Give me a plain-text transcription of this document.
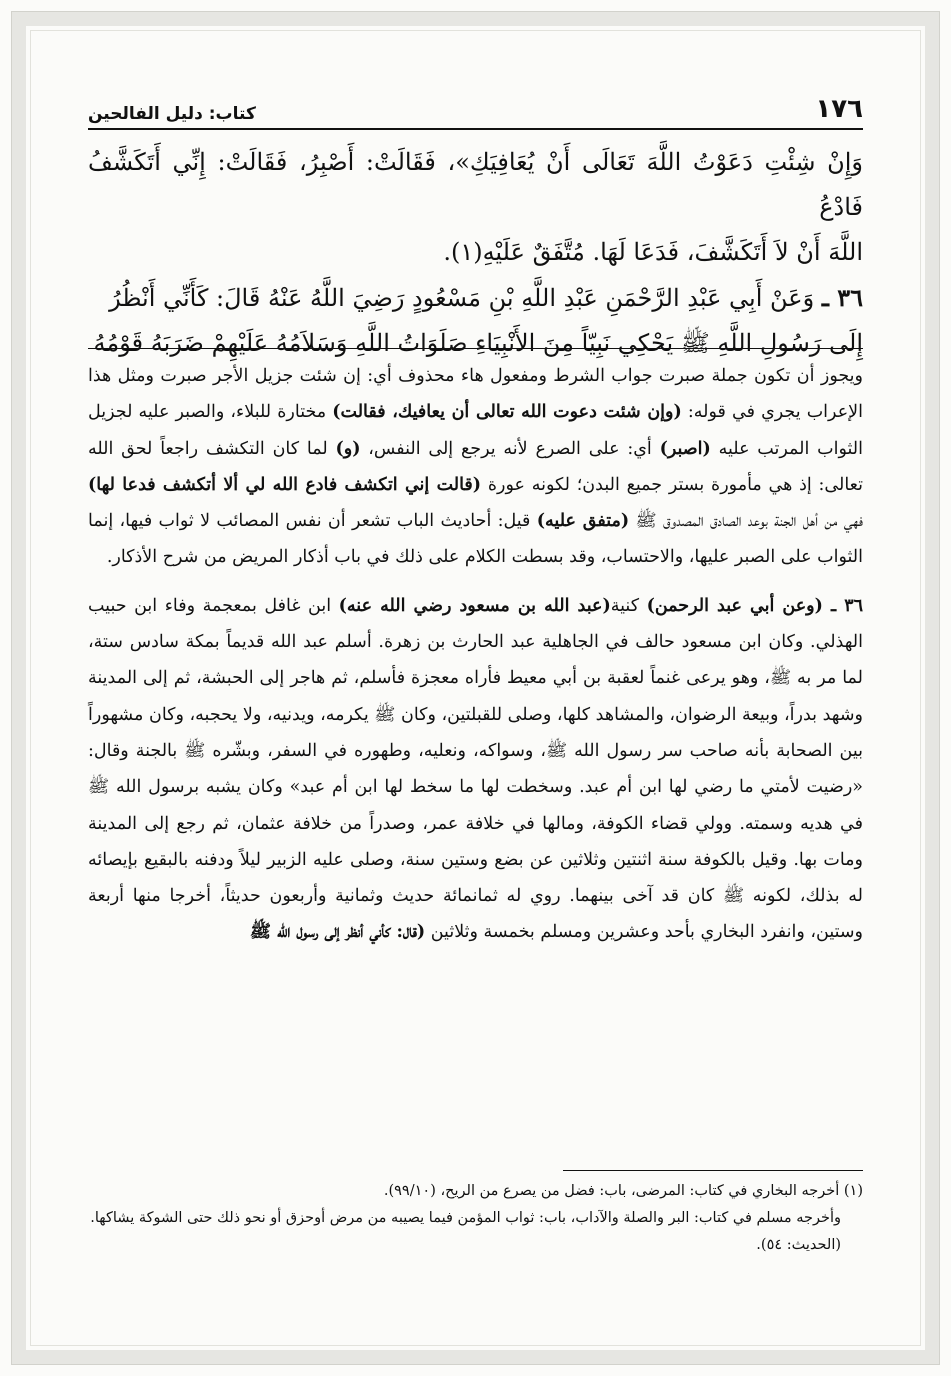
١٧٦
كتاب: دليل الفالحين

وَإِنْ شِئْتِ دَعَوْتُ اللَّهَ تَعَالَى أَنْ يُعَافِيَكِ»، فَقَالَتْ: أَصْبِرُ، فَقَالَتْ: إِنِّي أَتَكَشَّفُ فَادْعُ

اللَّهَ أَنْ لاَ أَتَكَشَّفَ، فَدَعَا لَهَا. مُتَّفَقٌ عَلَيْهِ(١).

٣٦ ـ وَعَنْ أَبِي عَبْدِ الرَّحْمَنِ عَبْدِ اللَّهِ بْنِ مَسْعُودٍ رَضِيَ اللَّهُ عَنْهُ قَالَ: كَأَنِّي أَنْظُرُ

إِلَى رَسُولِ اللَّهِ ﷺ يَحْكِي نَبِيّاً مِنَ الأَنْبِيَاءِ صَلَوَاتُ اللَّهِ وَسَلاَمُهُ عَلَيْهِمْ ضَرَبَهُ قَوْمُهُ

ويجوز أن تكون جملة صبرت جواب الشرط ومفعول هاء محذوف أي: إن شئت جزيل الأجر صبرت ومثل هذا الإعراب يجري في قوله: (وإن شئت دعوت الله تعالى أن يعافيك، فقالت) مختارة للبلاء، والصبر عليه لجزيل الثواب المرتب عليه (اصبر) أي: على الصرع لأنه يرجع إلى النفس، (و) لما كان التكشف راجعاً لحق الله تعالى: إذ هي مأمورة بستر جميع البدن؛ لكونه عورة (قالت إني اتكشف فادع الله لي ألا أتكشف فدعا لها) فهي من أهل الجنة بوعد الصادق المصدوق ﷺ (متفق عليه) قيل: أحاديث الباب تشعر أن نفس المصائب لا ثواب فيها، إنما الثواب على الصبر عليها، والاحتساب، وقد بسطت الكلام على ذلك في باب أذكار المريض من شرح الأذكار.

٣٦ ـ (وعن أبي عبد الرحمن) كنية(عبد الله بن مسعود رضي الله عنه) ابن غافل بمعجمة وفاء ابن حبيب الهذلي. وكان ابن مسعود حالف في الجاهلية عبد الحارث بن زهرة. أسلم عبد الله قديماً بمكة سادس ستة، لما مر به ﷺ، وهو يرعى غنماً لعقبة بن أبي معيط فأراه معجزة فأسلم، ثم هاجر إلى الحبشة، ثم إلى المدينة وشهد بدراً، وبيعة الرضوان، والمشاهد كلها، وصلى للقبلتين، وكان ﷺ يكرمه، ويدنيه، ولا يحجبه، وكان مشهوراً بين الصحابة بأنه صاحب سر رسول الله ﷺ، وسواكه، ونعليه، وطهوره في السفر، وبشّره ﷺ بالجنة وقال: «رضيت لأمتي ما رضي لها ابن أم عبد. وسخطت لها ما سخط لها ابن أم عبد» وكان يشبه برسول الله ﷺ في هديه وسمته. وولي قضاء الكوفة، ومالها في خلافة عمر، وصدراً من خلافة عثمان، ثم رجع إلى المدينة ومات بها. وقيل بالكوفة سنة اثنتين وثلاثين عن بضع وستين سنة، وصلى عليه الزبير ليلاً ودفنه بالبقيع بإيصائه له بذلك، لكونه ﷺ كان قد آخى بينهما. روي له ثمانمائة حديث وثمانية وأربعون حديثاً، أخرجا منها أربعة وستين، وانفرد البخاري بأحد وعشرين ومسلم بخمسة وثلاثين (قال: كأني أنظر إلى رسول الله ﷺ

(١) أخرجه البخاري في كتاب: المرضى، باب: فضل من يصرع من الريح، (٩٩/١٠).

وأخرجه مسلم في كتاب: البر والصلة والآداب، باب: ثواب المؤمن فيما يصيبه من مرض أوحزق أو نحو ذلك حتى الشوكة يشاكها. (الحديث: ٥٤).
